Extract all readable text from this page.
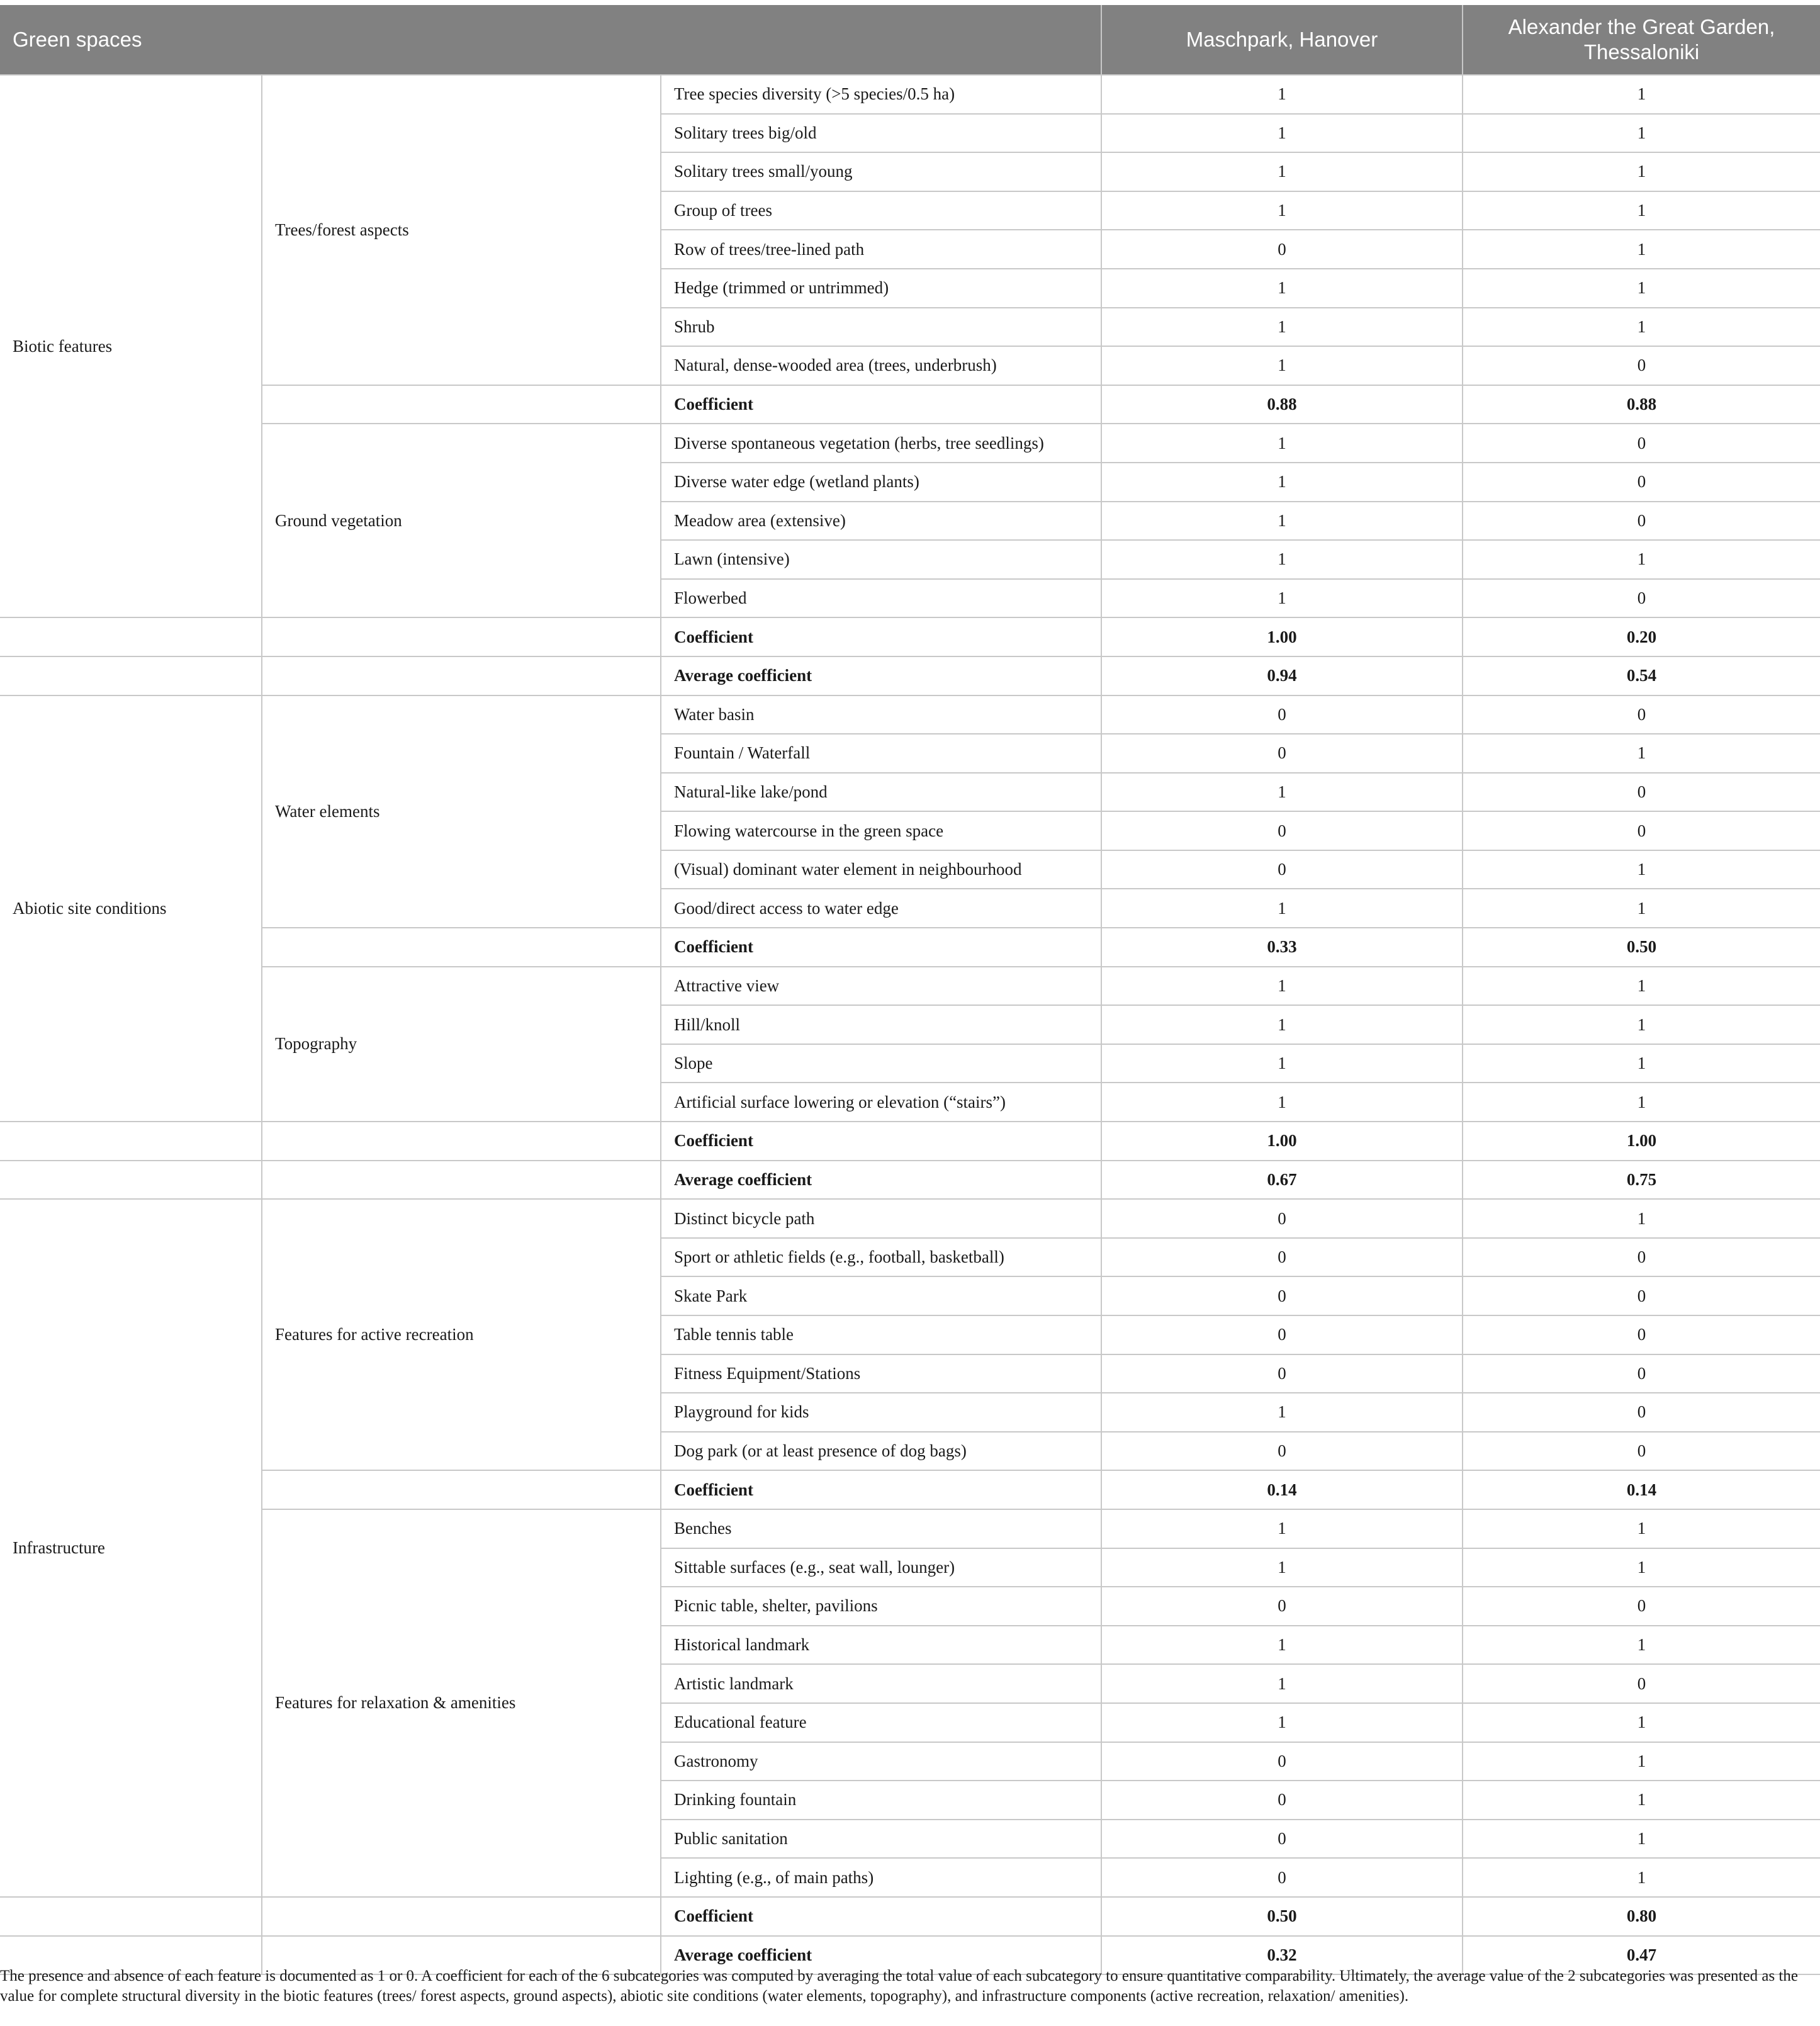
Green spaces			Maschpark, Hanover	Alexander the Great Garden,
Thessaloniki
Biotic features	Trees/forest aspects	Tree species diversity (>5 species/0.5 ha)	1	1
		Solitary trees big/old	1	1
		Solitary trees small/young	1	1
		Group of trees	1	1
		Row of trees/tree-lined path	0	1
		Hedge (trimmed or untrimmed)	1	1
		Shrub	1	1
		Natural, dense-wooded area (trees, underbrush)	1	0
		Coefficient	0.88	0.88
	Ground vegetation	Diverse spontaneous vegetation (herbs, tree seedlings)	1	0
		Diverse water edge (wetland plants)	1	0
		Meadow area (extensive)	1	0
		Lawn (intensive)	1	1
		Flowerbed	1	0
		Coefficient	1.00	0.20
		Average coefficient	0.94	0.54
Abiotic site conditions	Water elements	Water basin	0	0
		Fountain / Waterfall	0	1
		Natural-like lake/pond	1	0
		Flowing watercourse in the green space	0	0
		(Visual) dominant water element in neighbourhood	0	1
		Good/direct access to water edge	1	1
		Coefficient	0.33	0.50
	Topography	Attractive view	1	1
		Hill/knoll	1	1
		Slope	1	1
		Artificial surface lowering or elevation (“stairs”)	1	1
		Coefficient	1.00	1.00
		Average coefficient	0.67	0.75
Infrastructure	Features for active recreation	Distinct bicycle path	0	1
		Sport or athletic fields (e.g., football, basketball)	0	0
		Skate Park	0	0
		Table tennis table	0	0
		Fitness Equipment/Stations	0	0
		Playground for kids	1	0
		Dog park (or at least presence of dog bags)	0	0
		Coefficient	0.14	0.14
	Features for relaxation & amenities	Benches	1	1
		Sittable surfaces (e.g., seat wall, lounger)	1	1
		Picnic table, shelter, pavilions	0	0
		Historical landmark	1	1
		Artistic landmark	1	0
		Educational feature	1	1
		Gastronomy	0	1
		Drinking fountain	0	1
		Public sanitation	0	1
		Lighting (e.g., of main paths)	0	1
		Coefficient	0.50	0.80
		Average coefficient	0.32	0.47

The presence and absence of each feature is documented as 1 or 0. A coefficient for each of the 6 subcategories was computed by averaging the total value of each subcategory to ensure quantitative comparability. Ultimately, the average value of the 2 subcategories was presented as the value for complete structural diversity in the biotic features (trees/ forest aspects, ground aspects), abiotic site conditions (water elements, topography), and infrastructure components (active recreation, relaxation/ amenities).
